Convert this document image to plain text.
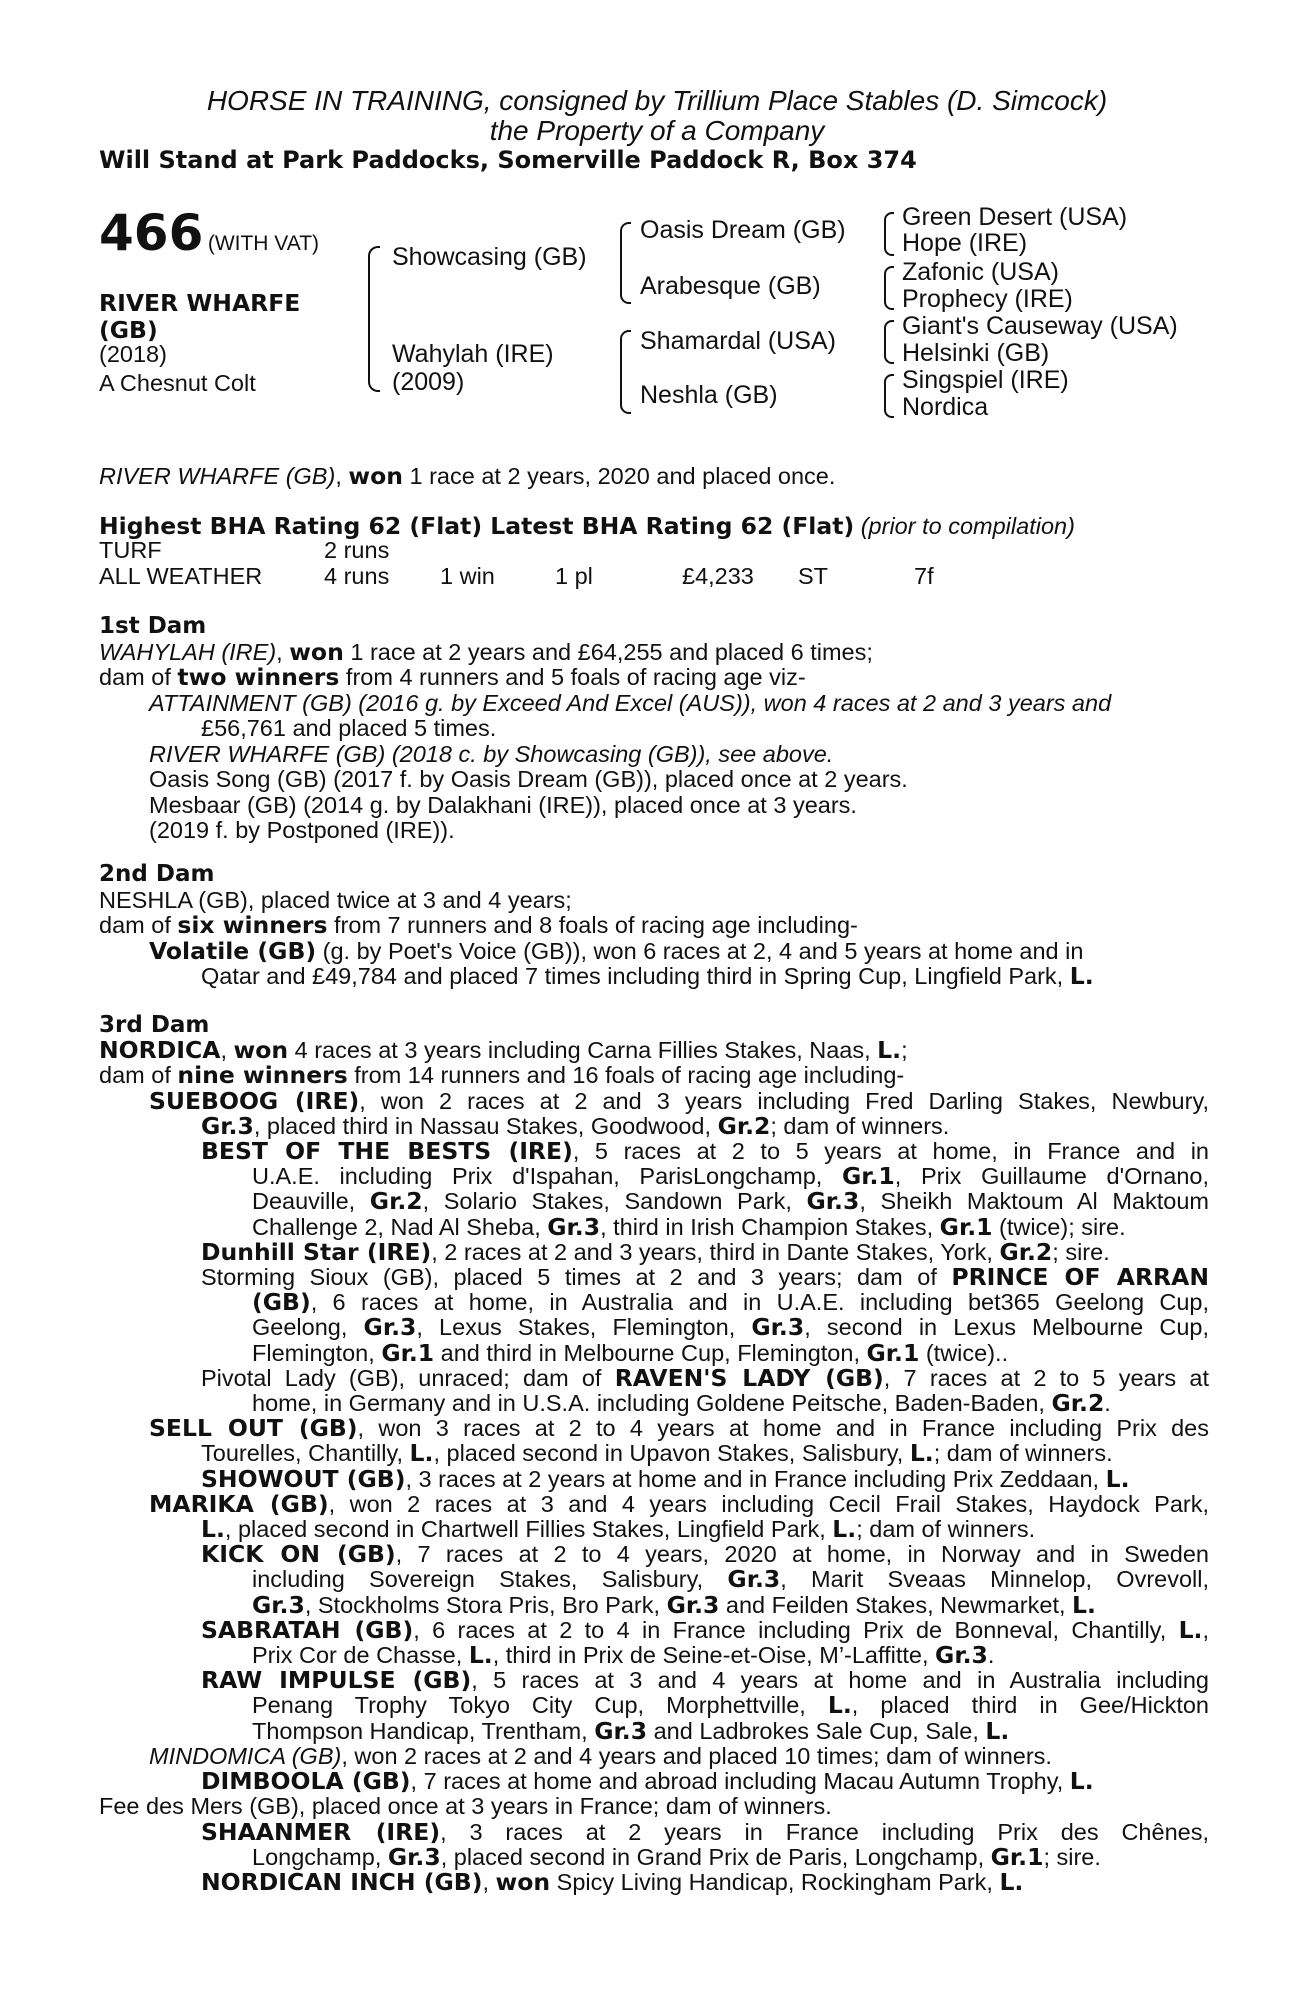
HORSE IN TRAINING, consigned by Trillium Place Stables (D. Simcock)
the Property of a Company
Will Stand at Park Paddocks, Somerville Paddock R, Box 374
466 (WITH VAT)
RIVER WHARFE
(GB)
(2018)
A Chesnut Colt
Showcasing (GB)
Wahylah (IRE)
(2009)
Oasis Dream (GB)
Arabesque (GB)
Shamardal (USA)
Neshla (GB)
Green Desert (USA)
Hope (IRE)
Zafonic (USA)
Prophecy (IRE)
Giant's Causeway (USA)
Helsinki (GB)
Singspiel (IRE)
Nordica
RIVER WHARFE (GB), won 1 race at 2 years, 2020 and placed once.
Highest BHA Rating 62 (Flat) Latest BHA Rating 62 (Flat) (prior to compilation)
TURF	2 runs
ALL WEATHER	4 runs 1 win	1 pl	£4,233 ST	7f
1st Dam
WAHYLAH (IRE), won 1 race at 2 years and £64,255 and placed 6 times;
dam of two winners from 4 runners and 5 foals of racing age viz-
ATTAINMENT (GB) (2016 g. by Exceed And Excel (AUS)), won 4 races at 2 and 3 years and
£56,761 and placed 5 times.
RIVER WHARFE (GB) (2018 c. by Showcasing (GB)), see above.
Oasis Song (GB) (2017 f. by Oasis Dream (GB)), placed once at 2 years.
Mesbaar (GB) (2014 g. by Dalakhani (IRE)), placed once at 3 years.
(2019 f. by Postponed (IRE)).
2nd Dam
NESHLA (GB), placed twice at 3 and 4 years;
dam of six winners from 7 runners and 8 foals of racing age including-
Volatile (GB) (g. by Poet's Voice (GB)), won 6 races at 2, 4 and 5 years at home and in
Qatar and £49,784 and placed 7 times including third in Spring Cup, Lingfield Park, L.
3rd Dam
NORDICA, won 4 races at 3 years including Carna Fillies Stakes, Naas, L.;
dam of nine winners from 14 runners and 16 foals of racing age including-
SUEBOOG (IRE), won 2 races at 2 and 3 years including Fred Darling Stakes, Newbury,
Gr.3, placed third in Nassau Stakes, Goodwood, Gr.2; dam of winners.
BEST OF THE BESTS (IRE), 5 races at 2 to 5 years at home, in France and in
U.A.E. including Prix d'Ispahan, ParisLongchamp, Gr.1, Prix Guillaume d'Ornano,
Deauville, Gr.2, Solario Stakes, Sandown Park, Gr.3, Sheikh Maktoum Al Maktoum
Challenge 2, Nad Al Sheba, Gr.3, third in Irish Champion Stakes, Gr.1 (twice); sire.
Dunhill Star (IRE), 2 races at 2 and 3 years, third in Dante Stakes, York, Gr.2; sire.
Storming Sioux (GB), placed 5 times at 2 and 3 years; dam of PRINCE OF ARRAN
(GB), 6 races at home, in Australia and in U.A.E. including bet365 Geelong Cup,
Geelong, Gr.3, Lexus Stakes, Flemington, Gr.3, second in Lexus Melbourne Cup,
Flemington, Gr.1 and third in Melbourne Cup, Flemington, Gr.1 (twice)..
Pivotal Lady (GB), unraced; dam of RAVEN'S LADY (GB), 7 races at 2 to 5 years at
home, in Germany and in U.S.A. including Goldene Peitsche, Baden-Baden, Gr.2.
SELL OUT (GB), won 3 races at 2 to 4 years at home and in France including Prix des
Tourelles, Chantilly, L., placed second in Upavon Stakes, Salisbury, L.; dam of winners.
SHOWOUT (GB), 3 races at 2 years at home and in France including Prix Zeddaan, L.
MARIKA (GB), won 2 races at 3 and 4 years including Cecil Frail Stakes, Haydock Park,
L., placed second in Chartwell Fillies Stakes, Lingfield Park, L.; dam of winners.
KICK ON (GB), 7 races at 2 to 4 years, 2020 at home, in Norway and in Sweden
including Sovereign Stakes, Salisbury, Gr.3, Marit Sveaas Minnelop, Ovrevoll,
Gr.3, Stockholms Stora Pris, Bro Park, Gr.3 and Feilden Stakes, Newmarket, L.
SABRATAH (GB), 6 races at 2 to 4 in France including Prix de Bonneval, Chantilly, L.,
Prix Cor de Chasse, L., third in Prix de Seine-et-Oise, M’-Laffitte, Gr.3.
RAW IMPULSE (GB), 5 races at 3 and 4 years at home and in Australia including
Penang Trophy Tokyo City Cup, Morphettville, L., placed third in Gee/Hickton
Thompson Handicap, Trentham, Gr.3 and Ladbrokes Sale Cup, Sale, L.
MINDOMICA (GB), won 2 races at 2 and 4 years and placed 10 times; dam of winners.
DIMBOOLA (GB), 7 races at home and abroad including Macau Autumn Trophy, L.
Fee des Mers (GB), placed once at 3 years in France; dam of winners.
SHAANMER (IRE), 3 races at 2 years in France including Prix des Chênes,
Longchamp, Gr.3, placed second in Grand Prix de Paris, Longchamp, Gr.1; sire.
NORDICAN INCH (GB), won Spicy Living Handicap, Rockingham Park, L.
